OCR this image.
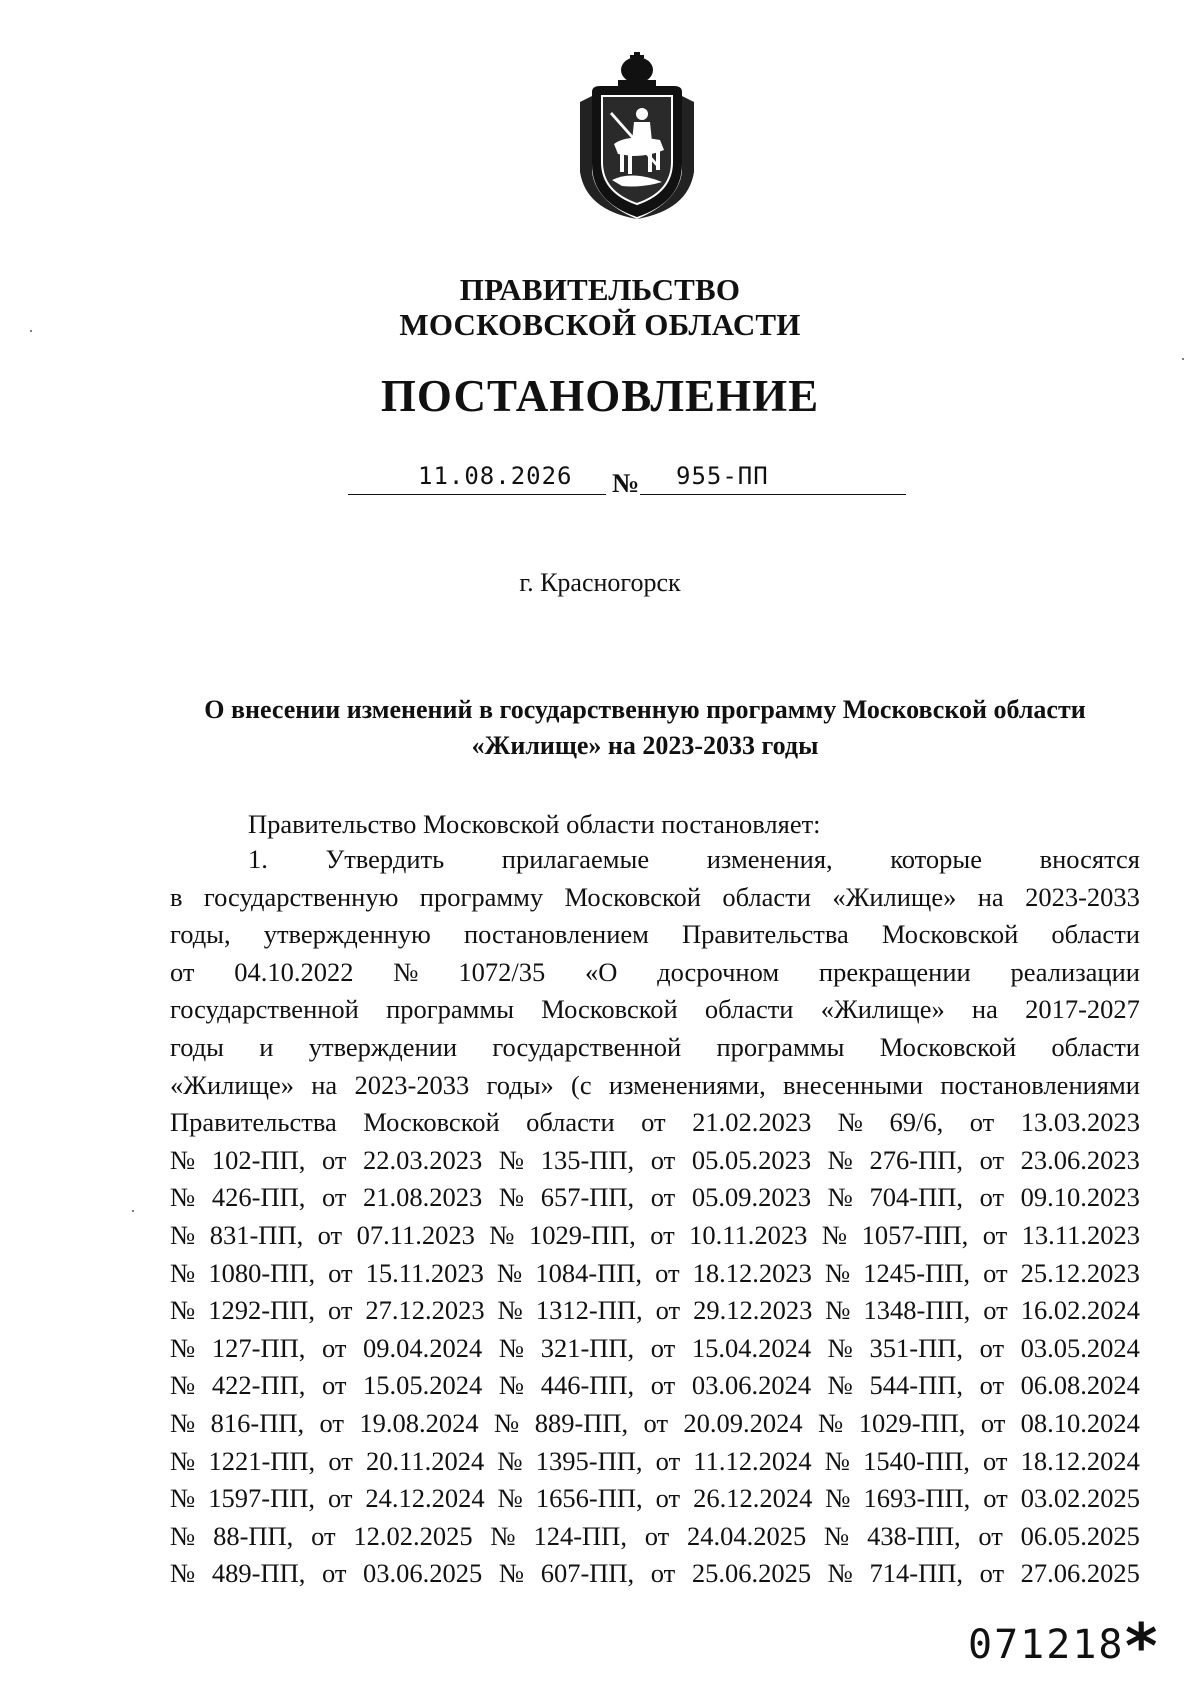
ПРАВИТЕЛЬСТВО
МОСКОВСКОЙ ОБЛАСТИ
ПОСТАНОВЛЕНИЕ
11.08.2026 № 955-ПП
г. Красногорск
О внесении изменений в государственную программу Московской области
«Жилище» на 2023-2033 годы
Правительство Московской области постановляет:
1. Утвердить прилагаемые изменения, которые вносятся
в государственную программу Московской области «Жилище» на 2023-2033
годы, утвержденную постановлением Правительства Московской области
от 04.10.2022 № 1072/35 «О досрочном прекращении реализации
государственной программы Московской области «Жилище» на 2017-2027
годы и утверждении государственной программы Московской области
«Жилище» на 2023-2033 годы» (с изменениями, внесенными постановлениями
Правительства Московской области от 21.02.2023 № 69/6, от 13.03.2023
№ 102-ПП, от 22.03.2023 № 135-ПП, от 05.05.2023 № 276-ПП, от 23.06.2023
№ 426-ПП, от 21.08.2023 № 657-ПП, от 05.09.2023 № 704-ПП, от 09.10.2023
№ 831-ПП, от 07.11.2023 № 1029-ПП, от 10.11.2023 № 1057-ПП, от 13.11.2023
№ 1080-ПП, от 15.11.2023 № 1084-ПП, от 18.12.2023 № 1245-ПП, от 25.12.2023
№ 1292-ПП, от 27.12.2023 № 1312-ПП, от 29.12.2023 № 1348-ПП, от 16.02.2024
№ 127-ПП, от 09.04.2024 № 321-ПП, от 15.04.2024 № 351-ПП, от 03.05.2024
№ 422-ПП, от 15.05.2024 № 446-ПП, от 03.06.2024 № 544-ПП, от 06.08.2024
№ 816-ПП, от 19.08.2024 № 889-ПП, от 20.09.2024 № 1029-ПП, от 08.10.2024
№ 1221-ПП, от 20.11.2024 № 1395-ПП, от 11.12.2024 № 1540-ПП, от 18.12.2024
№ 1597-ПП, от 24.12.2024 № 1656-ПП, от 26.12.2024 № 1693-ПП, от 03.02.2025
№ 88-ПП, от 12.02.2025 № 124-ПП, от 24.04.2025 № 438-ПП, от 06.05.2025
№ 489-ПП, от 03.06.2025 № 607-ПП, от 25.06.2025 № 714-ПП, от 27.06.2025
071218 *
